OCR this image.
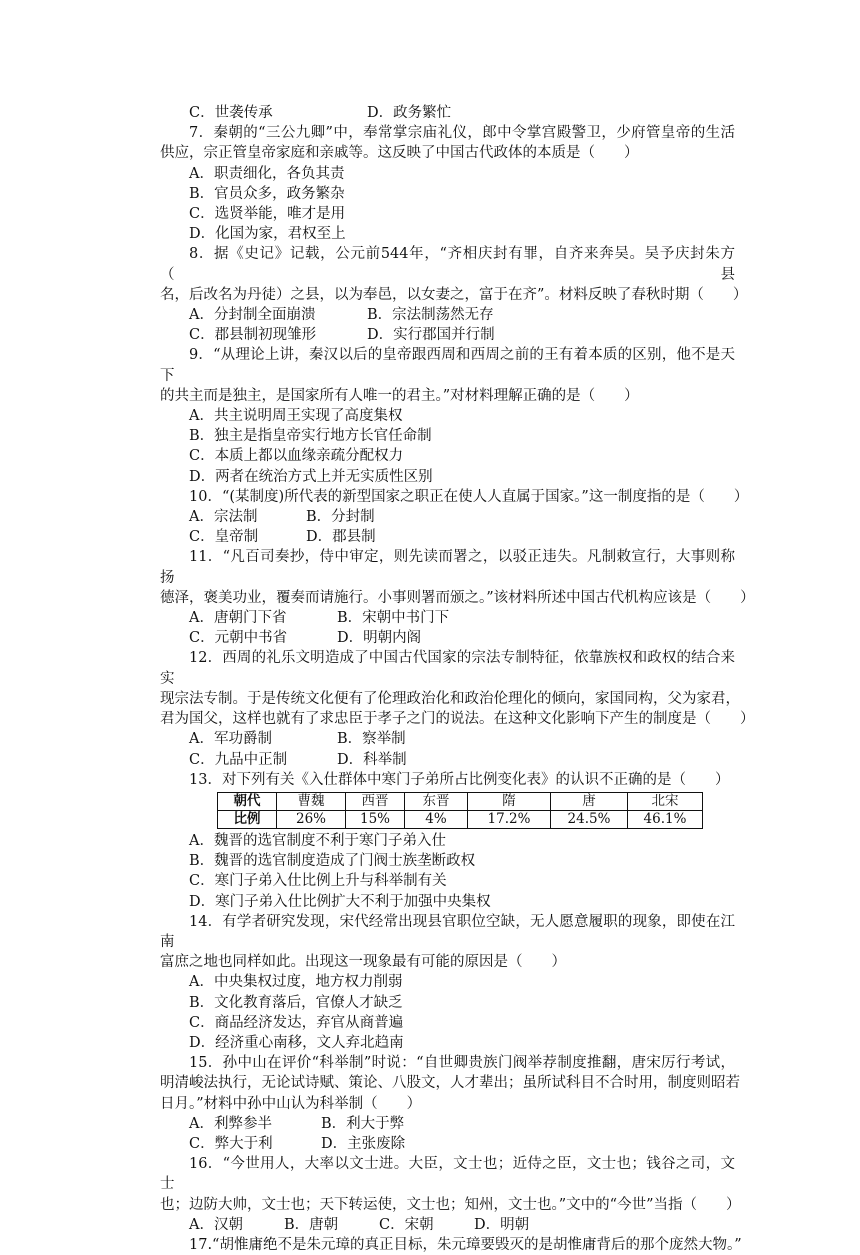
C．世袭传承	D．政务繁忙
7．秦朝的“三公九卿”中，奉常掌宗庙礼仪，郎中令掌宫殿警卫，少府管皇帝的生活
供应，宗正管皇帝家庭和亲戚等。这反映了中国古代政体的本质是（　　）
A．职责细化，各负其责
B．官员众多，政务繁杂
C．选贤举能，唯才是用
D．化国为家，君权至上
8．据《史记》记载，公元前544年，“齐相庆封有罪，自齐来奔吴。吴予庆封朱方（县
名，后改名为丹徒）之县，以为奉邑，以女妻之，富于在齐”。材料反映了春秋时期（　　）
A．分封制全面崩溃	B．宗法制荡然无存
C．郡县制初现雏形	D．实行郡国并行制
9．“从理论上讲，秦汉以后的皇帝跟西周和西周之前的王有着本质的区别，他不是天下
的共主而是独主，是国家所有人唯一的君主。”对材料理解正确的是（　　）
A．共主说明周王实现了高度集权
B．独主是指皇帝实行地方长官任命制
C．本质上都以血缘亲疏分配权力
D．两者在统治方式上并无实质性区别
10．“(某制度)所代表的新型国家之职正在使人人直属于国家。”这一制度指的是（　　）
A．宗法制	B．分封制
C．皇帝制	D．郡县制
11．“凡百司奏抄，侍中审定，则先读而署之，以驳正违失。凡制敕宣行，大事则称扬
德泽，褒美功业，覆奏而请施行。小事则署而颁之。”该材料所述中国古代机构应该是（　　）
A．唐朝门下省	B．宋朝中书门下
C．元朝中书省	D．明朝内阁
12．西周的礼乐文明造成了中国古代国家的宗法专制特征，依靠族权和政权的结合来实
现宗法专制。于是传统文化便有了伦理政治化和政治伦理化的倾向，家国同构，父为家君，
君为国父，这样也就有了求忠臣于孝子之门的说法。在这种文化影响下产生的制度是（　　）
A．军功爵制	B．察举制
C．九品中正制	D．科举制
13．对下列有关《入仕群体中寒门子弟所占比例变化表》的认识不正确的是（　　）
朝代	曹魏	西晋	东晋	隋	唐	北宋
比例	26%	15%	4%	17.2%	24.5%	46.1%
A．魏晋的选官制度不利于寒门子弟入仕
B．魏晋的选官制度造成了门阀士族垄断政权
C．寒门子弟入仕比例上升与科举制有关
D．寒门子弟入仕比例扩大不利于加强中央集权
14．有学者研究发现，宋代经常出现县官职位空缺，无人愿意履职的现象，即使在江南
富庶之地也同样如此。出现这一现象最有可能的原因是（　　）
A．中央集权过度，地方权力削弱
B．文化教育落后，官僚人才缺乏
C．商品经济发达，弃官从商普遍
D．经济重心南移，文人弃北趋南
15．孙中山在评价“科举制”时说：“自世卿贵族门阀举荐制度推翻，唐宋厉行考试，
明清峻法执行，无论试诗赋、策论、八股文，人才辈出；虽所试科目不合时用，制度则昭若
日月。”材料中孙中山认为科举制（　　）
A．利弊参半	B．利大于弊
C．弊大于利	D．主张废除
16．“今世用人，大率以文士进。大臣，文士也；近侍之臣，文士也；钱谷之司，文士
也；边防大帅，文士也；天下转运使，文士也；知州，文士也。”文中的“今世”当指（　　）
A．汉朝	B．唐朝	C．宋朝	D．明朝
17.“胡惟庸绝不是朱元璋的真正目标，朱元璋要毁灭的是胡惟庸背后的那个庞然大物。”
